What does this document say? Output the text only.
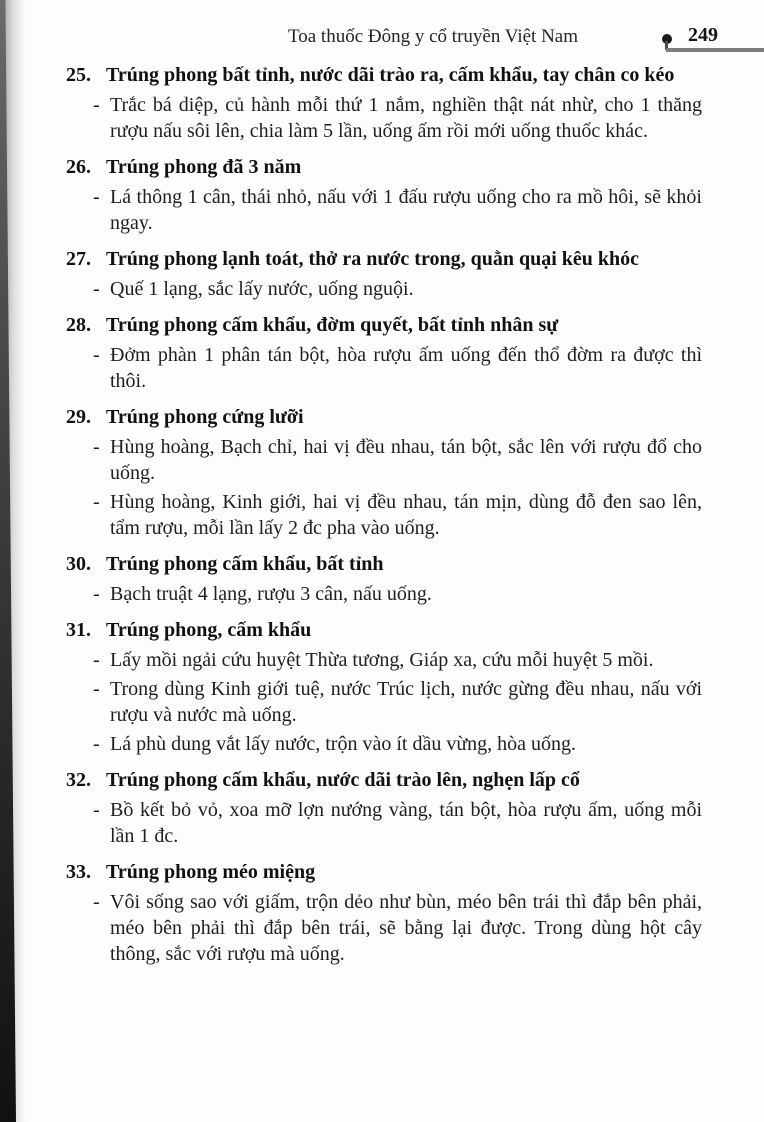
Toa thuốc Đông y cổ truyền Việt Nam	249
25. Trúng phong bất tỉnh, nước dãi trào ra, cấm khẩu, tay chân co kéo
- Trắc bá diệp, củ hành mỗi thứ 1 nắm, nghiền thật nát nhừ, cho 1 thăng rượu nấu sôi lên, chia làm 5 lần, uống ấm rồi mới uống thuốc khác.

26. Trúng phong đã 3 năm
- Lá thông 1 cân, thái nhỏ, nấu với 1 đấu rượu uống cho ra mồ hôi, sẽ khỏi ngay.

27. Trúng phong lạnh toát, thở ra nước trong, quằn quại kêu khóc
- Quế 1 lạng, sắc lấy nước, uống nguội.

28. Trúng phong cấm khẩu, đờm quyết, bất tỉnh nhân sự
- Đởm phàn 1 phân tán bột, hòa rượu ấm uống đến thổ đờm ra được thì thôi.

29. Trúng phong cứng lưỡi
- Hùng hoàng, Bạch chỉ, hai vị đều nhau, tán bột, sắc lên với rượu đổ cho uống.

- Hùng hoàng, Kinh giới, hai vị đều nhau, tán mịn, dùng đỗ đen sao lên, tẩm rượu, mỗi lần lấy 2 đc pha vào uống.

30. Trúng phong cấm khẩu, bất tỉnh
- Bạch truật 4 lạng, rượu 3 cân, nấu uống.

31. Trúng phong, cấm khẩu
- Lấy mồi ngải cứu huyệt Thừa tương, Giáp xa, cứu mỗi huyệt 5 mồi.

- Trong dùng Kinh giới tuệ, nước Trúc lịch, nước gừng đều nhau, nấu với rượu và nước mà uống.

- Lá phù dung vắt lấy nước, trộn vào ít dầu vừng, hòa uống.

32. Trúng phong cấm khẩu, nước dãi trào lên, nghẹn lấp cổ
- Bồ kết bỏ vỏ, xoa mỡ lợn nướng vàng, tán bột, hòa rượu ấm, uống mỗi lần 1 đc.

33. Trúng phong méo miệng
- Vôi sống sao với giấm, trộn dẻo như bùn, méo bên trái thì đắp bên phải, méo bên phải thì đắp bên trái, sẽ bằng lại được. Trong dùng hột cây thông, sắc với rượu mà uống.
